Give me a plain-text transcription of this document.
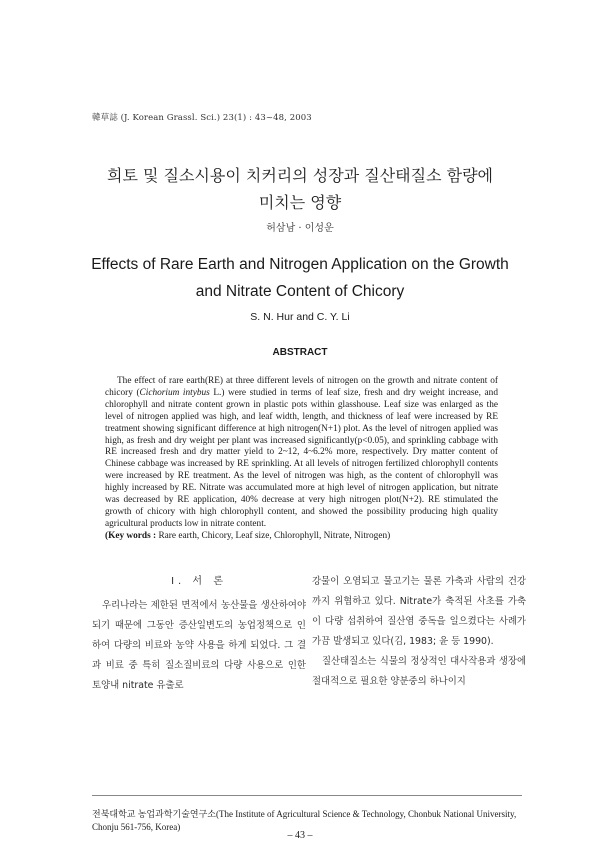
韓草誌 (J. Korean Grassl. Sci.) 23(1) : 43~48, 2003
희토 및 질소시용이 치커리의 성장과 질산태질소 함량에
미치는 영향
허삼남 · 이성운
Effects of Rare Earth and Nitrogen Application on the Growth
and Nitrate Content of Chicory
S. N. Hur and C. Y. Li
ABSTRACT
The effect of rare earth(RE) at three different levels of nitrogen on the growth and nitrate content of chicory (Cichorium intybus L.) were studied in terms of leaf size, fresh and dry weight increase, and chlorophyll and nitrate content grown in plastic pots within glasshouse. Leaf size was enlarged as the level of nitrogen applied was high, and leaf width, length, and thickness of leaf were increased by RE treatment showing significant difference at high nitrogen(N+1) plot. As the level of nitrogen applied was high, as fresh and dry weight per plant was increased significantly(p<0.05), and sprinkling cabbage with RE increased fresh and dry matter yield to 2~12, 4~6.2% more, respectively. Dry matter content of Chinese cabbage was increased by RE sprinkling. At all levels of nitrogen fertilized chlorophyll contents were increased by RE treatment. As the level of nitrogen was high, as the content of chlorophyll was highly increased by RE. Nitrate was accumulated more at high level of nitrogen application, but nitrate was decreased by RE application, 40% decrease at very high nitrogen plot(N+2). RE stimulated the growth of chicory with high chlorophyll content, and showed the possibility producing high quality agricultural products low in nitrate content.
(Key words : Rare earth, Chicory, Leaf size, Chlorophyll, Nitrate, Nitrogen)
I. 서 론
우리나라는 제한된 면적에서 농산물을 생산하여야 되기 때문에 그동안 증산일변도의 농업정책으로 인하여 다량의 비료와 농약 사용을 하게 되었다. 그 결과 비료 중 특히 질소질비료의 다량 사용으로 인한 토양내 nitrate 유출로
강물이 오염되고 물고기는 물론 가축과 사람의 건강까지 위협하고 있다. Nitrate가 축적된 사초를 가축이 다량 섭취하여 질산염 중독을 일으켰다는 사례가 가끔 발생되고 있다(김, 1983; 윤 등 1990).
질산태질소는 식물의 정상적인 대사작용과 생장에 절대적으로 필요한 양분중의 하나이지
전북대학교 농업과학기술연구소(The Institute of Agricultural Science & Technology, Chonbuk National University, Chonju 561-756, Korea)
– 43 –
